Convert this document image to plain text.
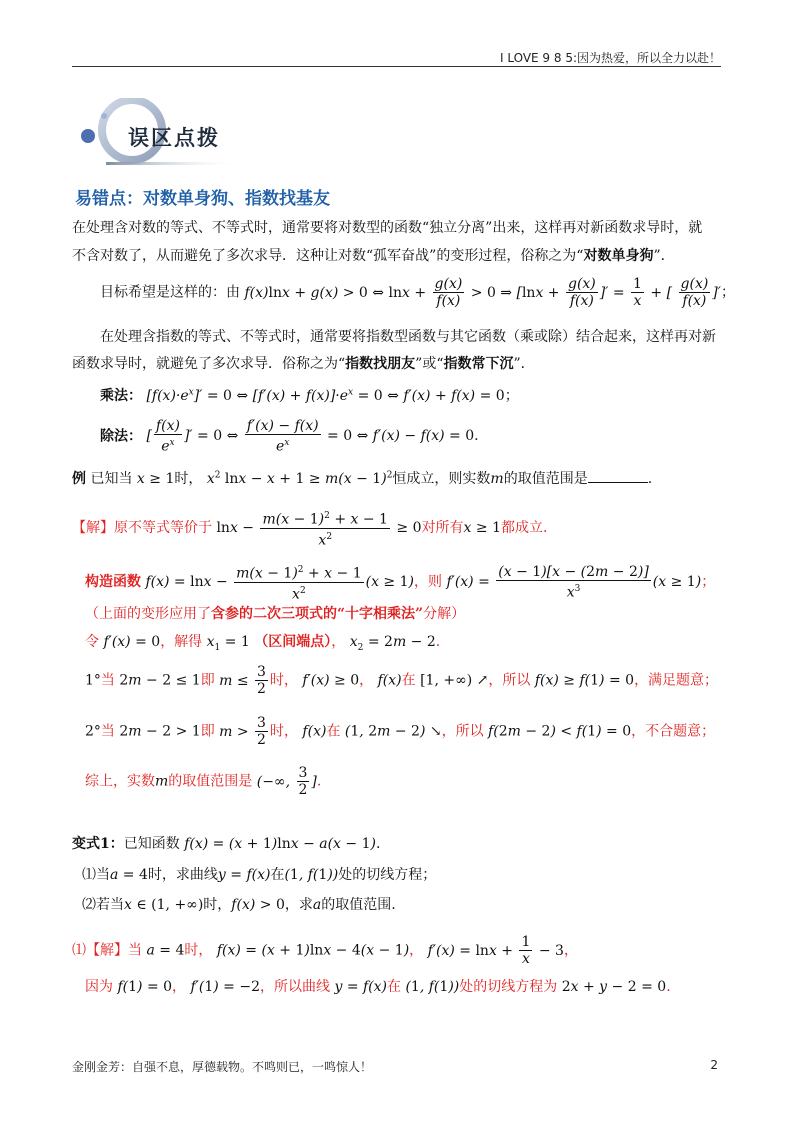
I LOVE 9 8 5:因为热爱，所以全力以赴！
误区点拨
易错点：对数单身狗、指数找基友
在处理含对数的等式、不等式时，通常要将对数型的函数“独立分离”出来，这样再对新函数求导时，就
不含对数了，从而避免了多次求导．这种让对数“孤军奋战”的变形过程，俗称之为“对数单身狗”．
目标希望是这样的：由 f(x)lnx + g(x) > 0 ⇔ $\ln x + \frac{g(x)}{f(x)} > 0$ ⇒ [$\ln x + \frac{g(x)}{f(x)}$ ]′ = $\frac{1}{x}$ + [ $\frac{g(x)}{f(x)}$ ]′；
在处理含指数的等式、不等式时，通常要将指数型函数与其它函数（乘或除）结合起来，这样再对新
函数求导时，就避免了多次求导．俗称之为“指数找朋友”或“指数常下沉”．
乘法： $[f(x)\cdot e^x]' = 0$ ⇔ $[f'(x) + f(x)]\cdot e^x = 0$ ⇔ f′(x) + f(x) = 0；
除法： [ $\frac{f(x)}{e^x}$ ]′ = 0 ⇔ $\frac{f'(x) - f(x)}{e^x} = 0$ ⇔ f′(x) − f(x) = 0.
例 已知当 x ≥ 1时， $x^2$ $\ln x - x + 1 \ge m(x - 1)^2$恒成立，则实数m的取值范围是	.
【解】原不等式等价于 $\ln x - \frac{m(x - 1)^2 + x - 1}{x^2} \ge 0$对所有x ≥ 1都成立.
构造函数 $f(x) = \ln x - \frac{m(x - 1)^2 + x - 1}{x^2} (x \ge 1)$，则 $f'(x) = \frac{(x - 1)[x - (2m - 2)]}{x^3} (x \ge 1)$；
（上面的变形应用了含参的二次三项式的“十字相乘法”分解）
令 f′(x) = 0，解得 $x_1 = 1$ （区间端点）， $x_2 = 2m - 2$.
1°当 2m − 2 ≤ 1即 $m \le \frac{3}{2}$ 时， f′(x) ≥ 0， f(x)在 [1, +∞) ↗，所以 f(x) ≥ f(1) = 0，满足题意；
2°当 2m − 2 > 1即 $m > \frac{3}{2}$ 时， f(x)在 (1, 2m − 2) ↘，所以 f(2m − 2) < f(1) = 0，不合题意；
综上，实数m的取值范围是 (−∞, $\frac{3}{2}$ ].
变式1：已知函数 f(x) = (x + 1)lnx − a(x − 1).
⑴当a = 4时，求曲线y = f(x)在(1, f(1))处的切线方程；
⑵若当x ∈ (1, +∞)时，f(x) > 0，求a的取值范围.
⑴【解】当 a = 4时， f(x) = (x + 1)lnx − 4(x − 1)， $f'(x) = \ln x + \frac{1}{x} - 3$，
因为 f(1) = 0， f′(1) = −2，所以曲线 y = f(x)在 (1, f(1))处的切线方程为 2x + y − 2 = 0.
金刚金芳：自强不息，厚德载物。不鸣则已，一鸣惊人！	2
